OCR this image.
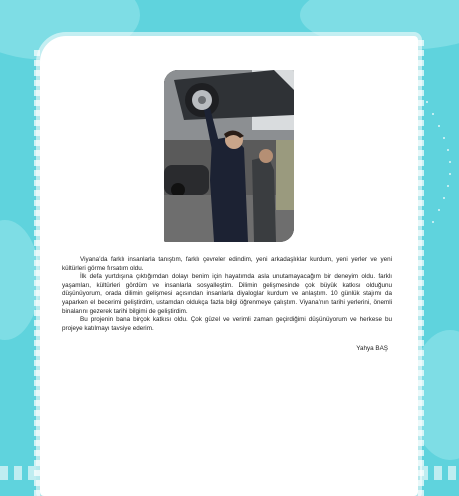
Viyana’da farklı insanlarla tanıştım, farklı çevreler edindim, yeni arkadaşlıklar kurdum, yeni yerler ve yeni kültürleri görme fırsatım oldu.

İlk defa yurtdışına çıktığımdan dolayı benim için hayatımda asla unutamayacağım bir deneyim oldu. farklı yaşamları, kültürleri gördüm ve insanlarla sosyalleştim. Dilimin gelişmesinde çok büyük katkısı olduğunu düşünüyorum, orada dilimin gelişmesi açısından insanlarla diyaloglar kurdum ve anlaştım. 10 günlük stajımı da yaparken el becerimi geliştirdim, ustamdan oldukça fazla bilgi öğrenmeye çalıştım. Viyana’nın tarihi yerlerini, önemli binalarını gezerek tarihi bilgimi de geliştirdim.

Bu projenin bana birçok katkısı oldu. Çok güzel ve verimli zaman geçirdiğimi düşünüyorum ve herkese bu projeye katılmayı tavsiye ederim.

Yahya BAŞ
